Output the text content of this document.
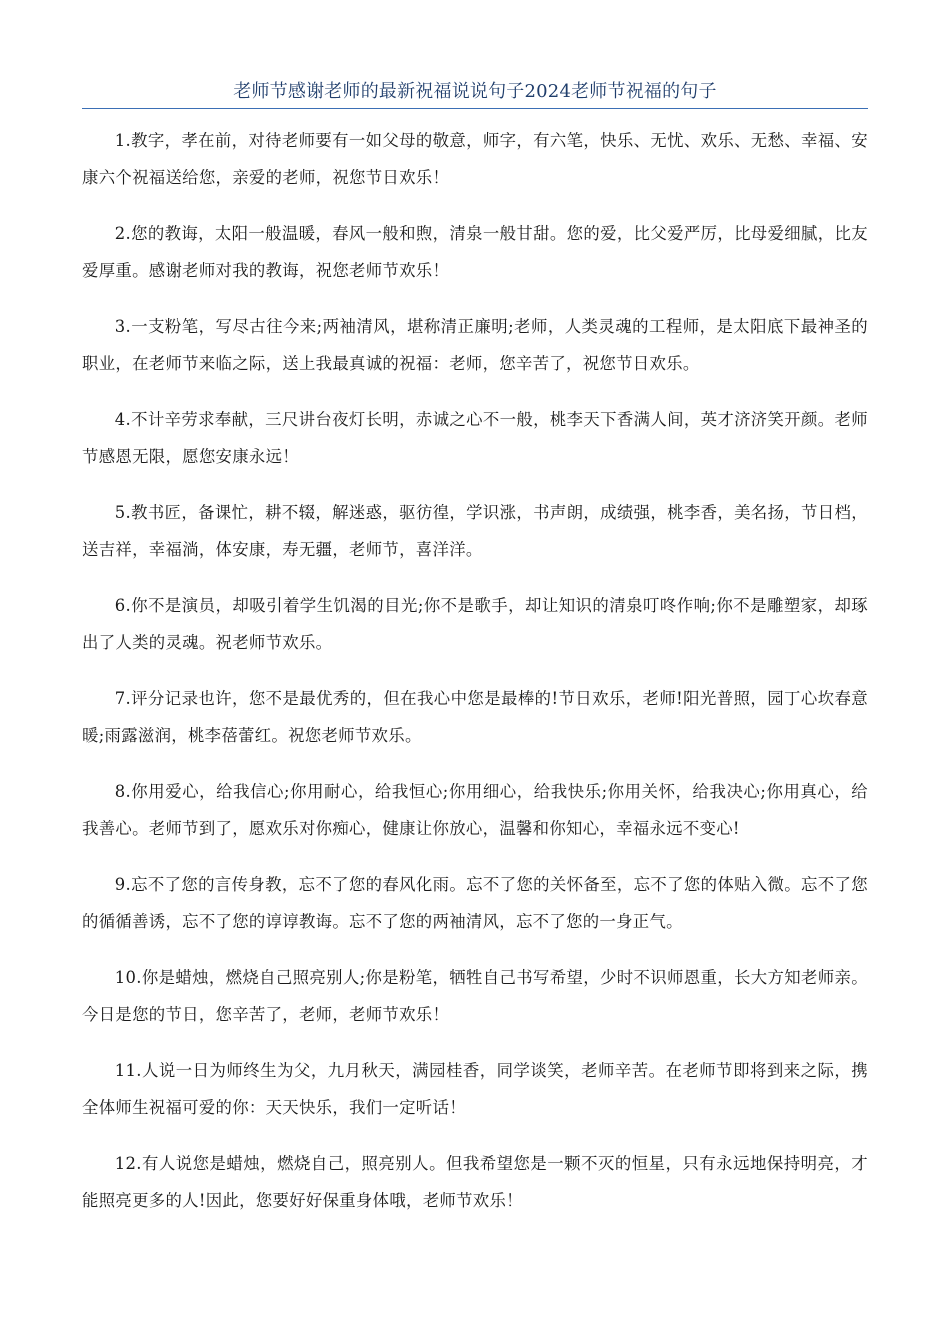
老师节感谢老师的最新祝福说说句子2024老师节祝福的句子

1.教字，孝在前，对待老师要有一如父母的敬意，师字，有六笔，快乐、无忧、欢乐、无愁、幸福、安康六个祝福送给您，亲爱的老师，祝您节日欢乐！

2.您的教诲，太阳一般温暖，春风一般和煦，清泉一般甘甜。您的爱，比父爱严厉，比母爱细腻，比友爱厚重。感谢老师对我的教诲，祝您老师节欢乐！

3.一支粉笔，写尽古往今来;两袖清风，堪称清正廉明;老师，人类灵魂的工程师，是太阳底下最神圣的职业，在老师节来临之际，送上我最真诚的祝福：老师，您辛苦了，祝您节日欢乐。

4.不计辛劳求奉献，三尺讲台夜灯长明，赤诚之心不一般，桃李天下香满人间，英才济济笑开颜。老师节感恩无限，愿您安康永远！

5.教书匠，备课忙，耕不辍，解迷惑，驱彷徨，学识涨，书声朗，成绩强，桃李香，美名扬，节日档，送吉祥，幸福淌，体安康，寿无疆，老师节，喜洋洋。

6.你不是演员，却吸引着学生饥渴的目光;你不是歌手，却让知识的清泉叮咚作响;你不是雕塑家，却琢出了人类的灵魂。祝老师节欢乐。

7.评分记录也许，您不是最优秀的，但在我心中您是最棒的!节日欢乐，老师!阳光普照，园丁心坎春意暖;雨露滋润，桃李蓓蕾红。祝您老师节欢乐。

8.你用爱心，给我信心;你用耐心，给我恒心;你用细心，给我快乐;你用关怀，给我决心;你用真心，给我善心。老师节到了，愿欢乐对你痴心，健康让你放心，温馨和你知心，幸福永远不变心!

9.忘不了您的言传身教，忘不了您的春风化雨。忘不了您的关怀备至，忘不了您的体贴入微。忘不了您的循循善诱，忘不了您的谆谆教诲。忘不了您的两袖清风，忘不了您的一身正气。

10.你是蜡烛，燃烧自己照亮别人;你是粉笔，牺牲自己书写希望，少时不识师恩重，长大方知老师亲。今日是您的节日，您辛苦了，老师，老师节欢乐！

11.人说一日为师终生为父，九月秋天，满园桂香，同学谈笑，老师辛苦。在老师节即将到来之际，携全体师生祝福可爱的你：天天快乐，我们一定听话！

12.有人说您是蜡烛，燃烧自己，照亮别人。但我希望您是一颗不灭的恒星，只有永远地保持明亮，才能照亮更多的人!因此，您要好好保重身体哦，老师节欢乐！
